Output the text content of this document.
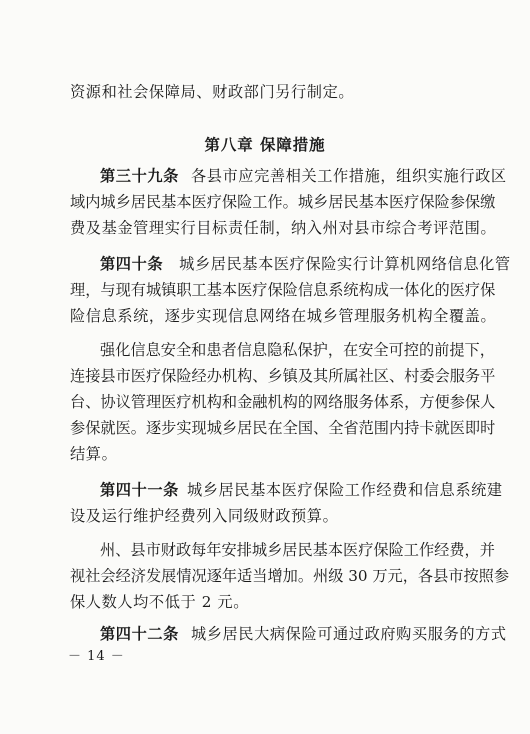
资源和社会保障局、财政部门另行制定。
第八章 保障措施
第三十九条 各县市应完善相关工作措施，组织实施行政区
域内城乡居民基本医疗保险工作。城乡居民基本医疗保险参保缴
费及基金管理实行目标责任制，纳入州对县市综合考评范围。
第四十条 城乡居民基本医疗保险实行计算机网络信息化管
理，与现有城镇职工基本医疗保险信息系统构成一体化的医疗保
险信息系统，逐步实现信息网络在城乡管理服务机构全覆盖。
强化信息安全和患者信息隐私保护，在安全可控的前提下，
连接县市医疗保险经办机构、乡镇及其所属社区、村委会服务平
台、协议管理医疗机构和金融机构的网络服务体系，方便参保人
参保就医。逐步实现城乡居民在全国、全省范围内持卡就医即时
结算。
第四十一条 城乡居民基本医疗保险工作经费和信息系统建
设及运行维护经费列入同级财政预算。
州、县市财政每年安排城乡居民基本医疗保险工作经费，并
视社会经济发展情况逐年适当增加。州级 30 万元，各县市按照参
保人数人均不低于 2 元。
第四十二条 城乡居民大病保险可通过政府购买服务的方式
－ 14 －
